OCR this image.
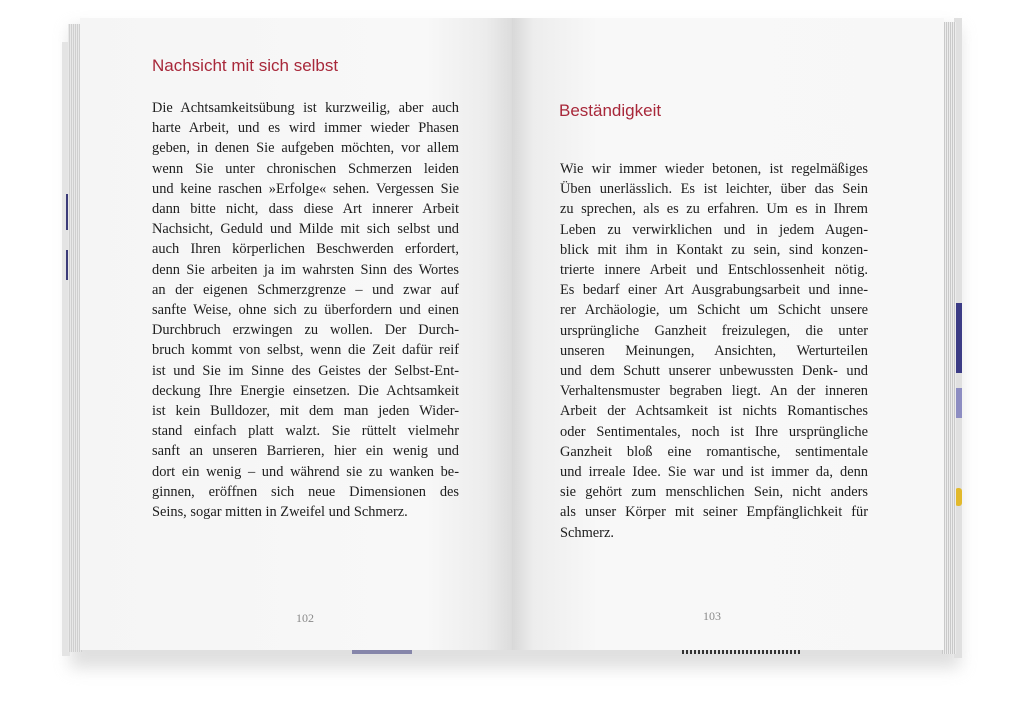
Nachsicht mit sich selbst
Die Achtsamkeitsübung ist kurzweilig, aber auch
harte Arbeit, und es wird immer wieder Phasen
geben, in denen Sie aufgeben möchten, vor allem
wenn Sie unter chronischen Schmerzen leiden
und keine raschen »Erfolge« sehen. Vergessen Sie
dann bitte nicht, dass diese Art innerer Arbeit
Nachsicht, Geduld und Milde mit sich selbst und
auch Ihren körperlichen Beschwerden erfordert,
denn Sie arbeiten ja im wahrsten Sinn des Wortes
an der eigenen Schmerzgrenze – und zwar auf
sanfte Weise, ohne sich zu überfordern und einen
Durchbruch erzwingen zu wollen. Der Durch-
bruch kommt von selbst, wenn die Zeit dafür reif
ist und Sie im Sinne des Geistes der Selbst-Ent-
deckung Ihre Energie einsetzen. Die Achtsamkeit
ist kein Bulldozer, mit dem man jeden Wider-
stand einfach platt walzt. Sie rüttelt vielmehr
sanft an unseren Barrieren, hier ein wenig und
dort ein wenig – und während sie zu wanken be-
ginnen, eröffnen sich neue Dimensionen des
Seins, sogar mitten in Zweifel und Schmerz.
102
Beständigkeit
Wie wir immer wieder betonen, ist regelmäßiges
Üben unerlässlich. Es ist leichter, über das Sein
zu sprechen, als es zu erfahren. Um es in Ihrem
Leben zu verwirklichen und in jedem Augen-
blick mit ihm in Kontakt zu sein, sind konzen-
trierte innere Arbeit und Entschlossenheit nötig.
Es bedarf einer Art Ausgrabungsarbeit und inne-
rer Archäologie, um Schicht um Schicht unsere
ursprüngliche Ganzheit freizulegen, die unter
unseren Meinungen, Ansichten, Werturteilen
und dem Schutt unserer unbewussten Denk- und
Verhaltensmuster begraben liegt. An der inneren
Arbeit der Achtsamkeit ist nichts Romantisches
oder Sentimentales, noch ist Ihre ursprüngliche
Ganzheit bloß eine romantische, sentimentale
und irreale Idee. Sie war und ist immer da, denn
sie gehört zum menschlichen Sein, nicht anders
als unser Körper mit seiner Empfänglichkeit für
Schmerz.
103
